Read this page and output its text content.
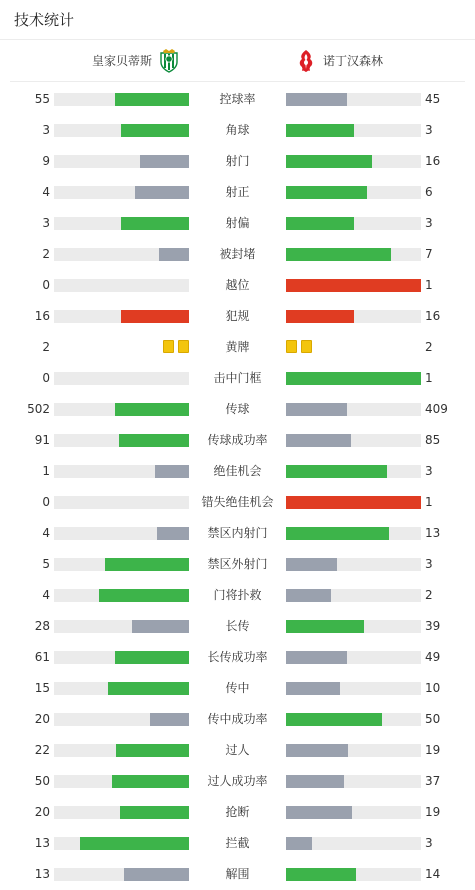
技术统计
皇家贝蒂斯	诺丁汉森林
55	控球率	45
3	角球	3
9	射门	16
4	射正	6
3	射偏	3
2	被封堵	7
0	越位	1
16	犯规	16
2	黄牌	2
0	击中门框	1
502	传球	409
91	传球成功率	85
1	绝佳机会	3
0	错失绝佳机会	1
4	禁区内射门	13
5	禁区外射门	3
4	门将扑救	2
28	长传	39
61	长传成功率	49
15	传中	10
20	传中成功率	50
22	过人	19
50	过人成功率	37
20	抢断	19
13	拦截	3
13	解围	14
